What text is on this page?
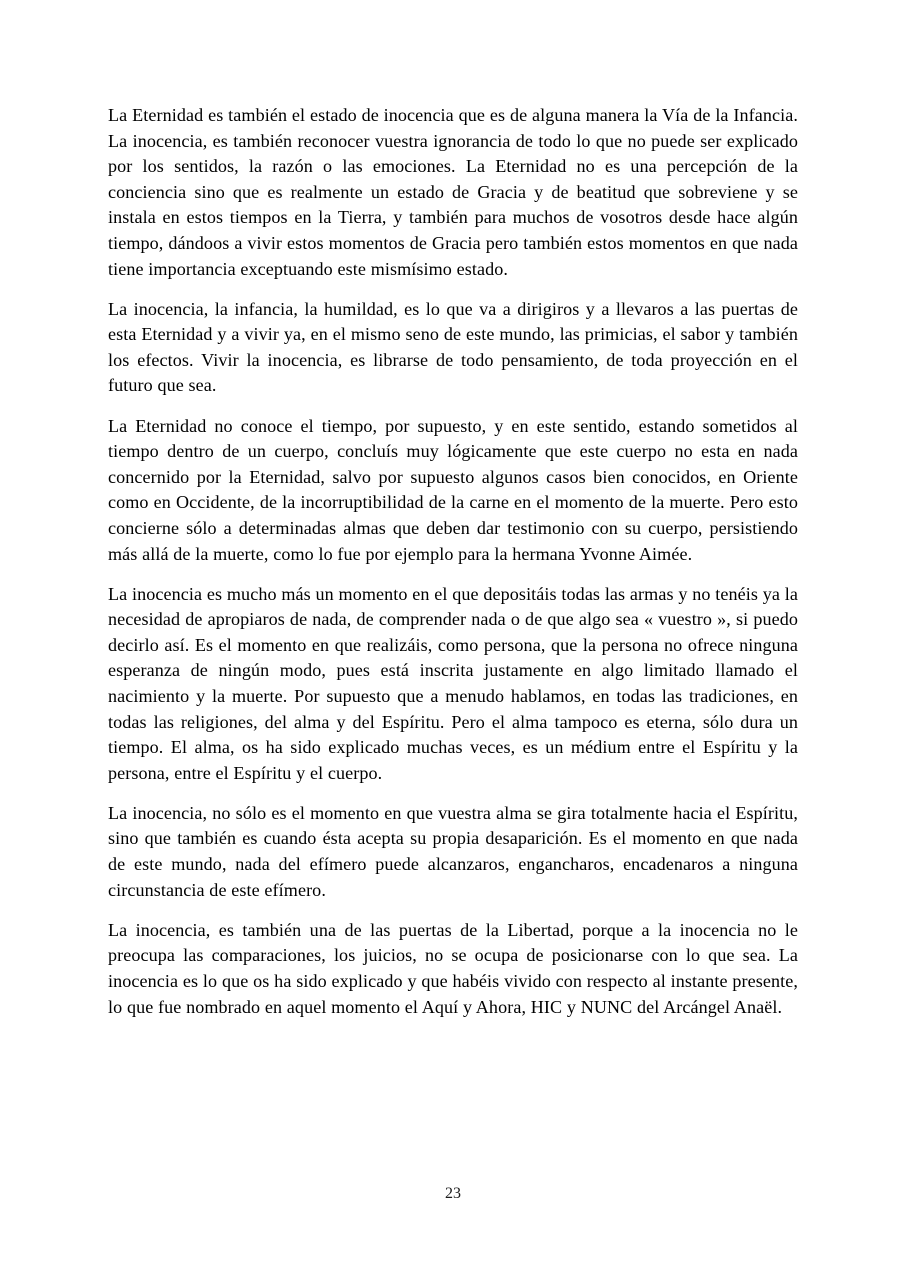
La Eternidad es también el estado de inocencia que es de alguna manera la Vía de la Infancia. La inocencia, es también reconocer vuestra ignorancia de todo lo que no puede ser explicado por los sentidos, la razón o las emociones. La Eternidad no es una percepción de la conciencia sino que es realmente un estado de Gracia y de beatitud que sobreviene y se instala en estos tiempos en la Tierra, y también para muchos de vosotros desde hace algún tiempo, dándoos a vivir estos momentos de Gracia pero también estos momentos en que nada tiene importancia exceptuando este mismísimo estado.

La inocencia, la infancia, la humildad, es lo que va a dirigiros y a llevaros a las puertas de esta Eternidad y a vivir ya, en el mismo seno de este mundo, las primicias, el sabor y también los efectos. Vivir la inocencia, es librarse de todo pensamiento, de toda proyección en el futuro que sea.

La Eternidad no conoce el tiempo, por supuesto, y en este sentido, estando sometidos al tiempo dentro de un cuerpo, concluís muy lógicamente que este cuerpo no esta en nada concernido por la Eternidad, salvo por supuesto algunos casos bien conocidos, en Oriente como en Occidente, de la incorruptibilidad de la carne en el momento de la muerte. Pero esto concierne sólo a determinadas almas que deben dar testimonio con su cuerpo, persistiendo más allá de la muerte, como lo fue por ejemplo para la hermana Yvonne Aimée.

La inocencia es mucho más un momento en el que depositáis todas las armas y no tenéis ya la necesidad de apropiaros de nada, de comprender nada o de que algo sea « vuestro », si puedo decirlo así. Es el momento en que realizáis, como persona, que la persona no ofrece ninguna esperanza de ningún modo, pues está inscrita justamente en algo limitado llamado el nacimiento y la muerte. Por supuesto que a menudo hablamos, en todas las tradiciones, en todas las religiones, del alma y del Espíritu. Pero el alma tampoco es eterna, sólo dura un tiempo. El alma, os ha sido explicado muchas veces, es un médium entre el Espíritu y la persona, entre el Espíritu y el cuerpo.

La inocencia, no sólo es el momento en que vuestra alma se gira totalmente hacia el Espíritu, sino que también es cuando ésta acepta su propia desaparición. Es el momento en que nada de este mundo, nada del efímero puede alcanzaros, engancharos, encadenaros a ninguna circunstancia de este efímero.

La inocencia, es también una de las puertas de la Libertad, porque a la inocencia no le preocupa las comparaciones, los juicios, no se ocupa de posicionarse con lo que sea. La inocencia es lo que os ha sido explicado y que habéis vivido con respecto al instante presente, lo que fue nombrado en aquel momento el Aquí y Ahora, HIC y NUNC del Arcángel Anaël.

23
